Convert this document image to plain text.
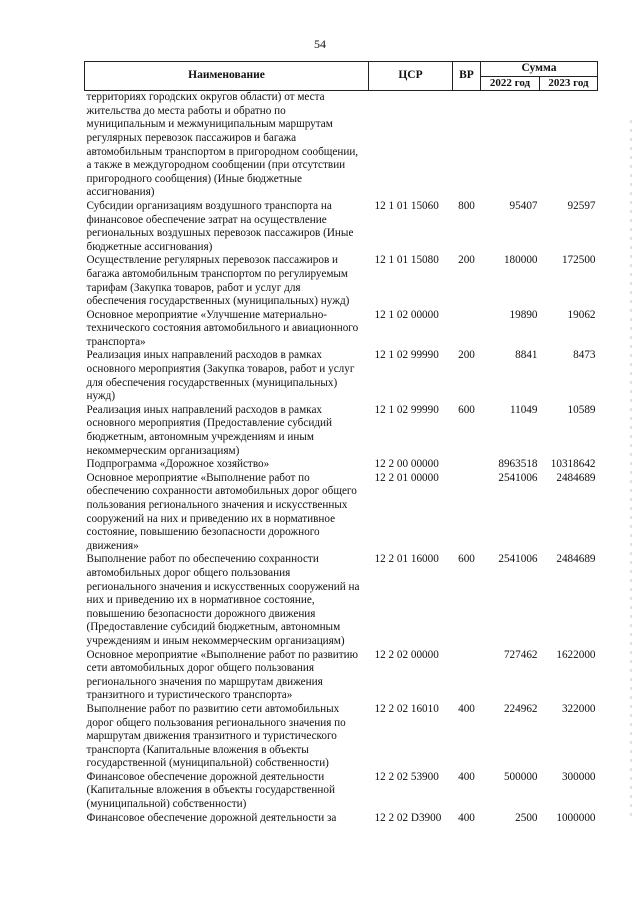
54
Наименование	ЦСР	ВР	Сумма	
			2022 год	2023 год
территориях городских округов области) от места жительства до места работы и обратно по муниципальным и межмуниципальным маршрутам регулярных перевозок пассажиров и багажа автомобильным транспортом в пригородном сообщении, а также в междугородном сообщении (при отсутствии пригородного сообщения) (Иные бюджетные ассигнования)				
Субсидии организациям воздушного транспорта на финансовое обеспечение затрат на осуществление региональных воздушных перевозок пассажиров (Иные бюджетные ассигнования)	12 1 01 15060	800	95407	92597
Осуществление регулярных перевозок пассажиров и багажа автомобильным транспортом по регулируемым тарифам (Закупка товаров, работ и услуг для обеспечения государственных (муниципальных) нужд)	12 1 01 15080	200	180000	172500
Основное мероприятие «Улучшение материально-технического состояния автомобильного и авиационного транспорта»	12 1 02 00000		19890	19062
Реализация иных направлений расходов в рамках основного мероприятия (Закупка товаров, работ и услуг для обеспечения государственных (муниципальных) нужд)	12 1 02 99990	200	8841	8473
Реализация иных направлений расходов в рамках основного мероприятия (Предоставление субсидий бюджетным, автономным учреждениям и иным некоммерческим организациям)	12 1 02 99990	600	11049	10589
Подпрограмма «Дорожное хозяйство»	12 2 00 00000		8963518	10318642
Основное мероприятие «Выполнение работ по обеспечению сохранности автомобильных дорог общего пользования регионального значения и искусственных сооружений на них и приведению их в нормативное состояние, повышению безопасности дорожного движения»	12 2 01 00000		2541006	2484689
Выполнение работ по обеспечению сохранности автомобильных дорог общего пользования регионального значения и искусственных сооружений на них и приведению их в нормативное состояние, повышению безопасности дорожного движения (Предоставление субсидий бюджетным, автономным учреждениям и иным некоммерческим организациям)	12 2 01 16000	600	2541006	2484689
Основное мероприятие «Выполнение работ по развитию сети автомобильных дорог общего пользования регионального значения по маршрутам движения транзитного и туристического транспорта»	12 2 02 00000		727462	1622000
Выполнение работ по развитию сети автомобильных дорог общего пользования регионального значения по маршрутам движения транзитного и туристического транспорта (Капитальные вложения в объекты государственной (муниципальной) собственности)	12 2 02 16010	400	224962	322000
Финансовое обеспечение дорожной деятельности (Капитальные вложения в объекты государственной (муниципальной) собственности)	12 2 02 53900	400	500000	300000
Финансовое обеспечение дорожной деятельности за	12 2 02 D3900	400	2500	1000000
